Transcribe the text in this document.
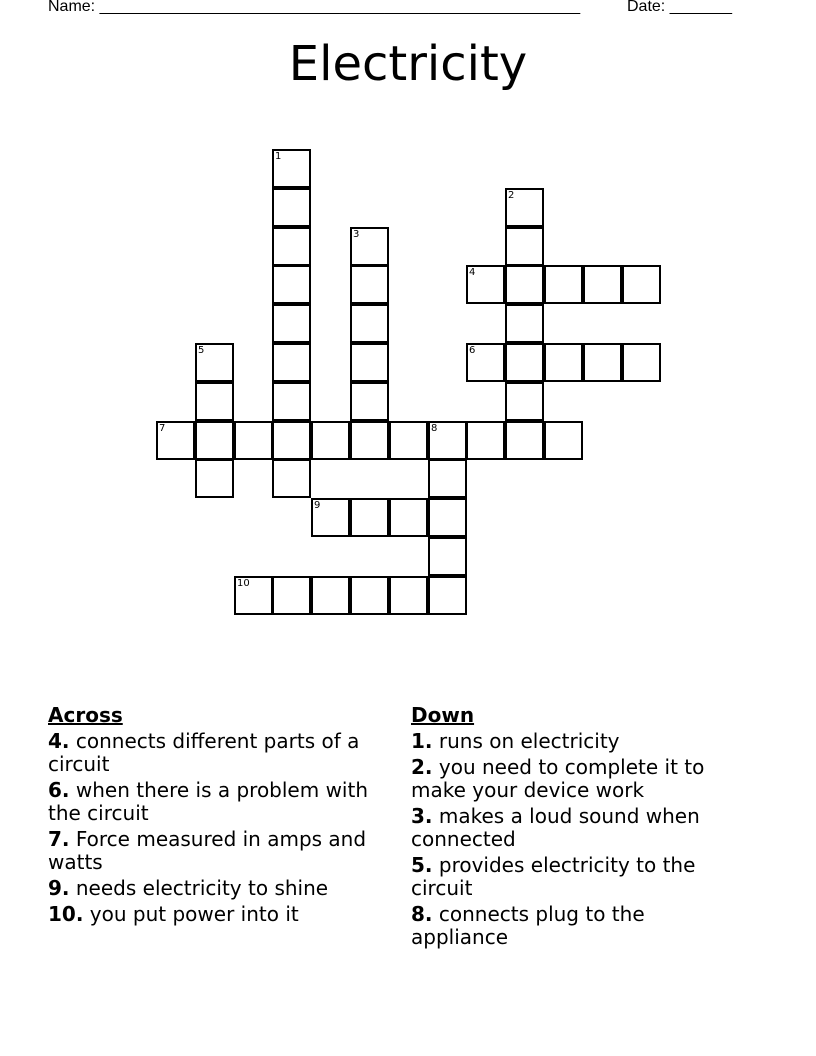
Name: ______________________________________________________	Date: _______
Electricity
1
2
3
4
5	6
7	8
9
10
Across
4. connects different parts of a circuit
6. when there is a problem with the circuit
7. Force measured in amps and watts
9. needs electricity to shine
10. you put power into it
Down
1. runs on electricity
2. you need to complete it to make your device work
3. makes a loud sound when connected
5. provides electricity to the circuit
8. connects plug to the appliance
